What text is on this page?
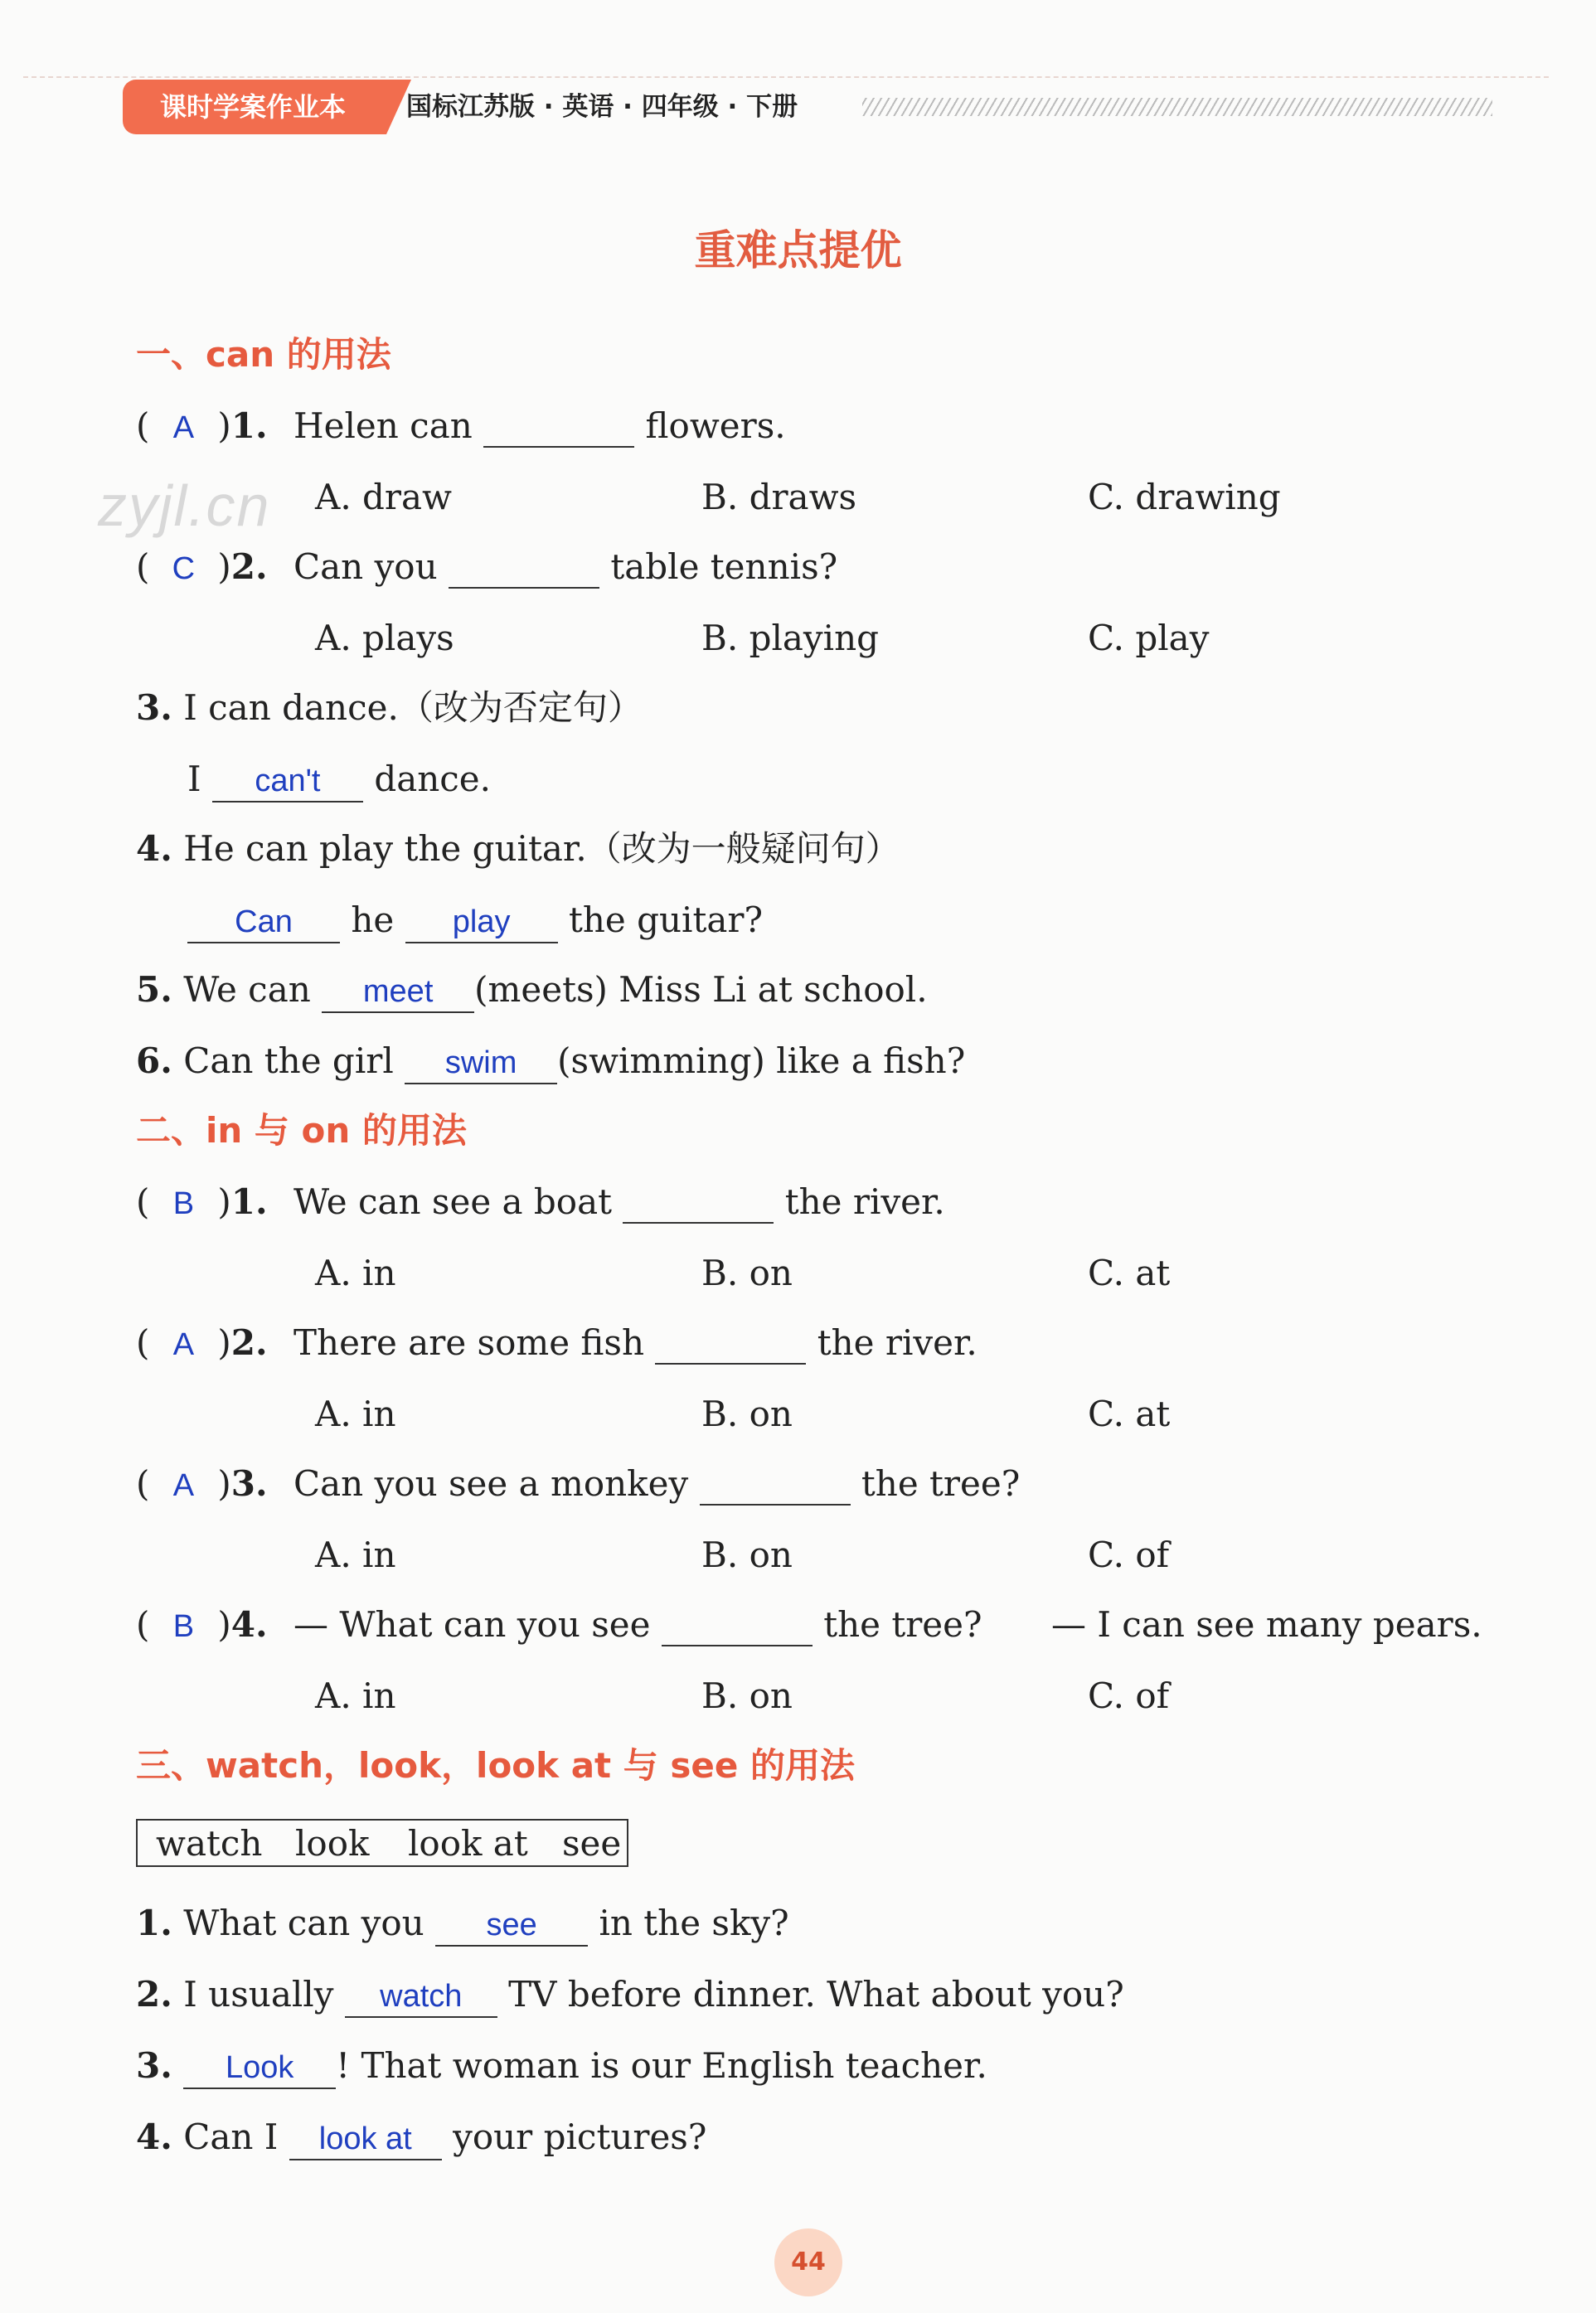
课时学案作业本	国标江苏版 · 英语 · 四年级 · 下册
重难点提优
zyjl.cn
一、can 的用法
( A )1. Helen can	flowers.
A. draw	B. draws	C. drawing
( C )2. Can you	table tennis?
A. plays	B. playing	C. play
3. I can dance.（改为否定句）
I can't dance.
4. He can play the guitar.（改为一般疑问句）
Can he play the guitar?
5. We can meet (meets) Miss Li at school.
6. Can the girl swim (swimming) like a fish?
二、in 与 on 的用法
( B )1. We can see a boat	the river.
A. in	B. on	C. at
( A )2. There are some fish	the river.
A. in	B. on	C. at
( A )3. Can you see a monkey	the tree?
A. in	B. on	C. of
( B )4. — What can you see	the tree? — I can see many pears.
A. in	B. on	C. of
三、watch，look，look at 与 see 的用法
watch look look at see
1. What can you see in the sky?
2. I usually watch TV before dinner. What about you?
3. Look ! That woman is our English teacher.
4. Can I look at your pictures?
44
